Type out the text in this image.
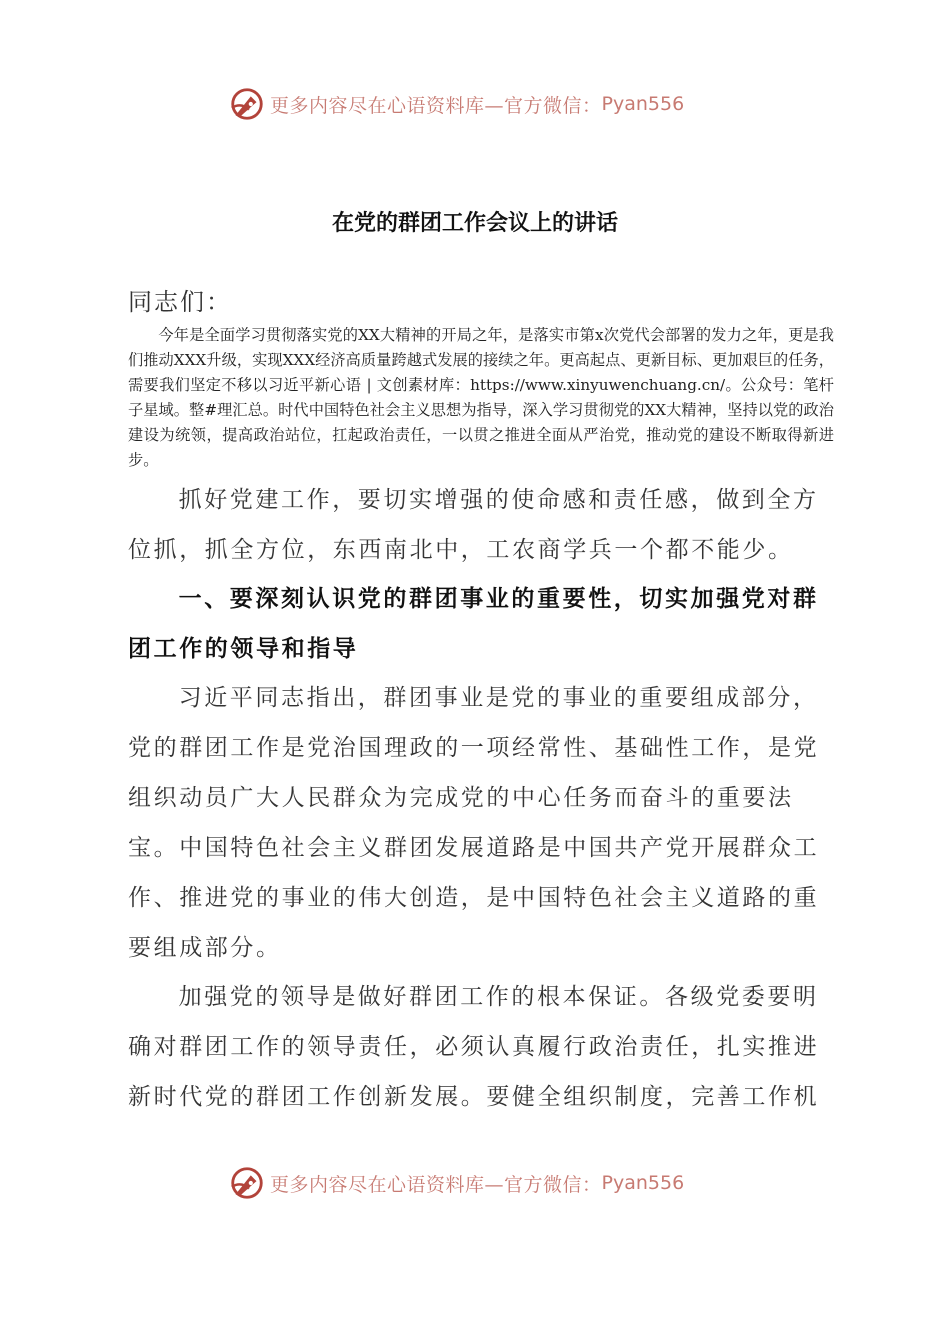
更多内容尽在心语资料库—官方微信： Pyan556
在党的群团工作会议上的讲话
同志们：

今年是全面学习贯彻落实党的XX大精神的开局之年，是落实市第x次党代会部署的发力之年，更是我们推动XXX升级，实现XXX经济高质量跨越式发展的接续之年。更高起点、更新目标、更加艰巨的任务，需要我们坚定不移以习近平新心语 | 文创素材库：https://www.xinyuwenchuang.cn/。公众号：笔杆子星域。整#理汇总。时代中国特色社会主义思想为指导，深入学习贯彻党的XX大精神，坚持以党的政治建设为统领，提高政治站位，扛起政治责任，一以贯之推进全面从严治党，推动党的建设不断取得新进步。

抓好党建工作，要切实增强的使命感和责任感，做到全方位抓，抓全方位，东西南北中，工农商学兵一个都不能少。

一、要深刻认识党的群团事业的重要性，切实加强党对群团工作的领导和指导

习近平同志指出，群团事业是党的事业的重要组成部分，党的群团工作是党治国理政的一项经常性、基础性工作，是党组织动员广大人民群众为完成党的中心任务而奋斗的重要法宝。中国特色社会主义群团发展道路是中国共产党开展群众工作、推进党的事业的伟大创造，是中国特色社会主义道路的重要组成部分。

加强党的领导是做好群团工作的根本保证。各级党委要明确对群团工作的领导责任，必须认真履行政治责任，扎实推进新时代党的群团工作创新发展。要健全组织制度，完善工作机

更多内容尽在心语资料库—官方微信： Pyan556
